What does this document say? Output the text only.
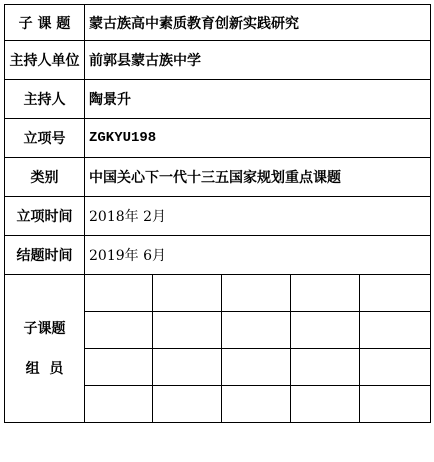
子 课 题	蒙古族高中素质教育创新实践研究				
主持人单位	前郭县蒙古族中学				
主持人	陶景升				
立项号	ZGKYU198				
类别	中国关心下一代十三五国家规划重点课题				
立项时间	2018年 2月				
结题时间	2019年 6月				

子课题
组  员					
